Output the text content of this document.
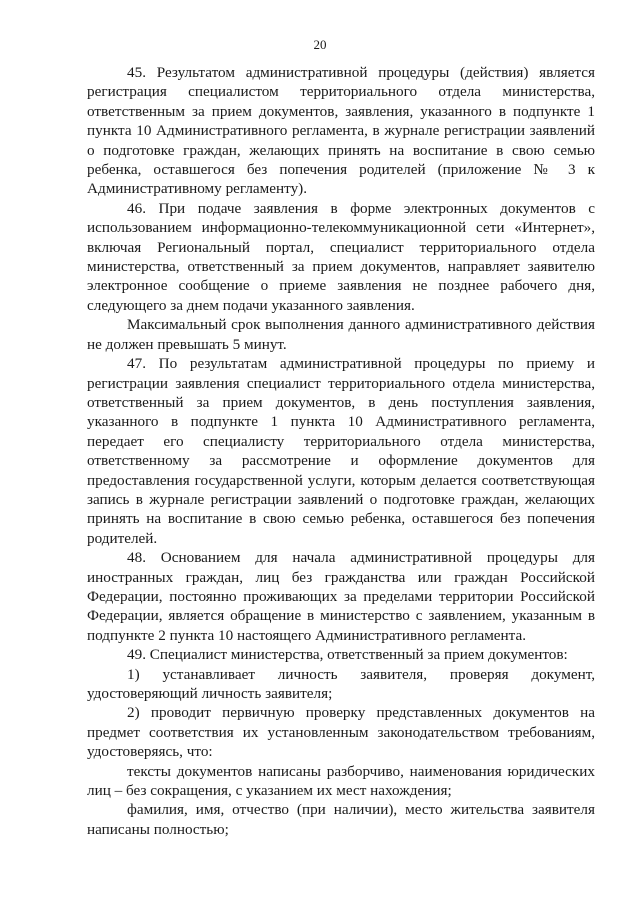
20

45. Результатом административной процедуры (действия) является
регистрация специалистом территориального отдела министерства,
ответственным за прием документов, заявления, указанного в подпункте 1
пункта 10 Административного регламента, в журнале регистрации заявлений
о подготовке граждан, желающих принять на воспитание в свою семью
ребенка, оставшегося без попечения родителей (приложение № 3 к
Административному регламенту).

46. При подаче заявления в форме электронных документов с
использованием информационно-телекоммуникационной сети «Интернет»,
включая Региональный портал, специалист территориального отдела
министерства, ответственный за прием документов, направляет заявителю
электронное сообщение о приеме заявления не позднее рабочего дня,
следующего за днем подачи указанного заявления.

Максимальный срок выполнения данного административного действия
не должен превышать 5 минут.

47. По результатам административной процедуры по приему и
регистрации заявления специалист территориального отдела министерства,
ответственный за прием документов, в день поступления заявления,
указанного в подпункте 1 пункта 10 Административного регламента,
передает его специалисту территориального отдела министерства,
ответственному за рассмотрение и оформление документов для
предоставления государственной услуги, которым делается соответствующая
запись в журнале регистрации заявлений о подготовке граждан, желающих
принять на воспитание в свою семью ребенка, оставшегося без попечения
родителей.

48. Основанием для начала административной процедуры для
иностранных граждан, лиц без гражданства или граждан Российской
Федерации, постоянно проживающих за пределами территории Российской
Федерации, является обращение в министерство с заявлением, указанным в
подпункте 2 пункта 10 настоящего Административного регламента.

49. Специалист министерства, ответственный за прием документов:

1) устанавливает личность заявителя, проверяя документ,
удостоверяющий личность заявителя;

2) проводит первичную проверку представленных документов на
предмет соответствия их установленным законодательством требованиям,
удостоверяясь, что:

тексты документов написаны разборчиво, наименования юридических
лиц – без сокращения, с указанием их мест нахождения;

фамилия, имя, отчество (при наличии), место жительства заявителя
написаны полностью;
